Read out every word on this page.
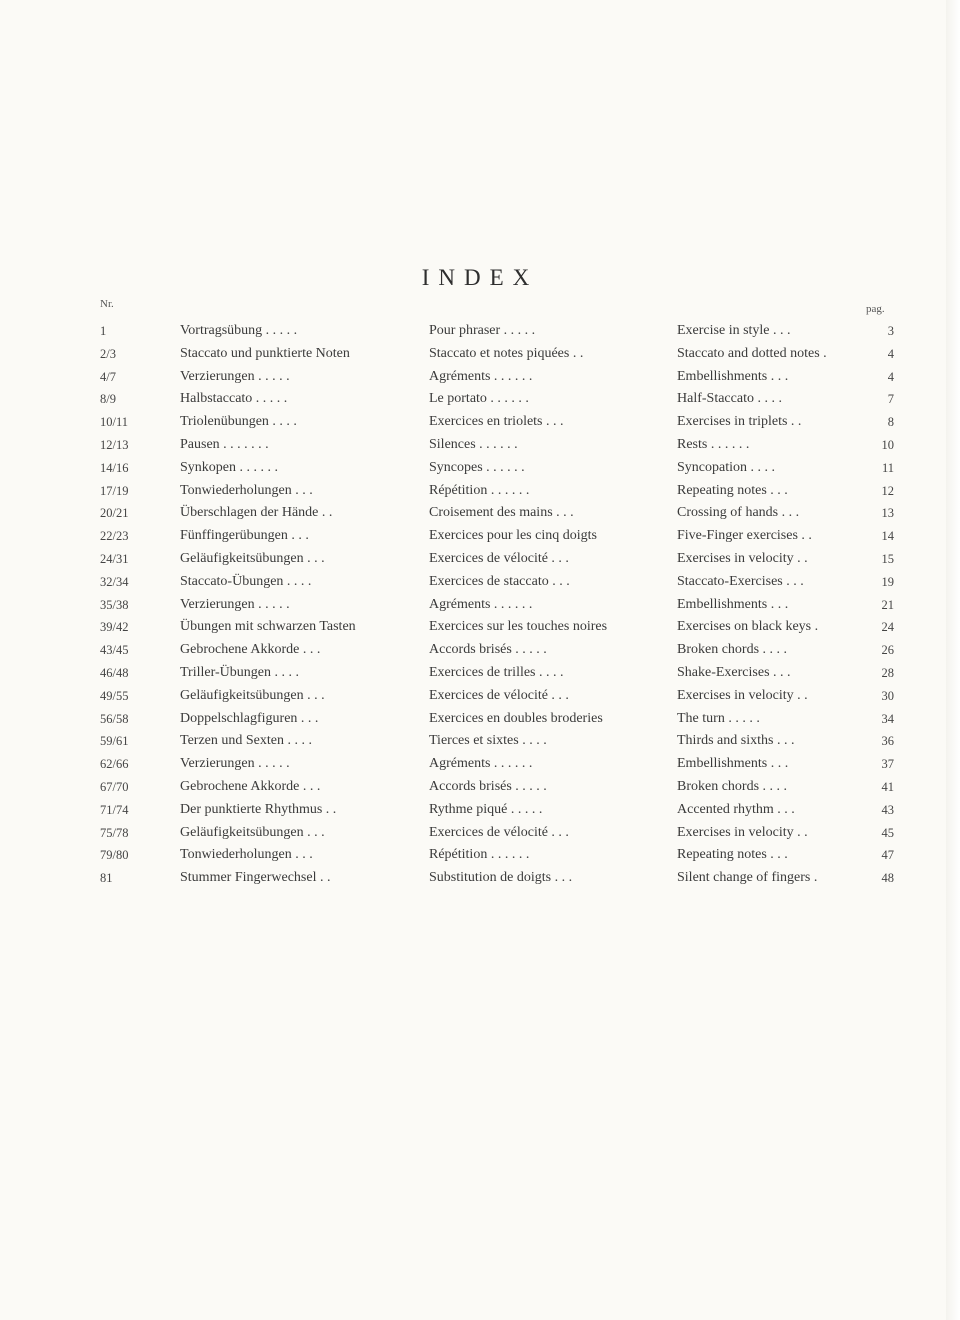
INDEX
Nr.	pag.
1	Vortragsübung . . . . .	Pour phraser . . . . .	Exercise in style . . .	3
2/3	Staccato und punktierte Noten	Staccato et notes piquées . .	Staccato and dotted notes .	4
4/7	Verzierungen . . . . .	Agréments . . . . . .	Embellishments . . .	4
8/9	Halbstaccato . . . . .	Le portato . . . . . .	Half-Staccato . . . .	7
10/11	Triolenübungen . . . .	Exercices en triolets . . .	Exercises in triplets . .	8
12/13	Pausen . . . . . . .	Silences . . . . . .	Rests . . . . . .	10
14/16	Synkopen . . . . . .	Syncopes . . . . . .	Syncopation . . . .	11
17/19	Tonwiederholungen . . .	Répétition . . . . . .	Repeating notes . . .	12
20/21	Überschlagen der Hände . .	Croisement des mains . . .	Crossing of hands . . .	13
22/23	Fünffingerübungen . . .	Exercices pour les cinq doigts	Five-Finger exercises . .	14
24/31	Geläufigkeitsübungen . . .	Exercices de vélocité . . .	Exercises in velocity . .	15
32/34	Staccato-Übungen . . . .	Exercices de staccato . . .	Staccato-Exercises . . .	19
35/38	Verzierungen . . . . .	Agréments . . . . . .	Embellishments . . .	21
39/42	Übungen mit schwarzen Tasten	Exercices sur les touches noires	Exercises on black keys .	24
43/45	Gebrochene Akkorde . . .	Accords brisés . . . . .	Broken chords . . . .	26
46/48	Triller-Übungen . . . .	Exercices de trilles . . . .	Shake-Exercises . . .	28
49/55	Geläufigkeitsübungen . . .	Exercices de vélocité . . .	Exercises in velocity . .	30
56/58	Doppelschlagfiguren . . .	Exercices en doubles broderies	The turn . . . . .	34
59/61	Terzen und Sexten . . . .	Tierces et sixtes . . . .	Thirds and sixths . . .	36
62/66	Verzierungen . . . . .	Agréments . . . . . .	Embellishments . . .	37
67/70	Gebrochene Akkorde . . .	Accords brisés . . . . .	Broken chords . . . .	41
71/74	Der punktierte Rhythmus . .	Rythme piqué . . . . .	Accented rhythm . . .	43
75/78	Geläufigkeitsübungen . . .	Exercices de vélocité . . .	Exercises in velocity . .	45
79/80	Tonwiederholungen . . .	Répétition . . . . . .	Repeating notes . . .	47
81	Stummer Fingerwechsel . .	Substitution de doigts . . .	Silent change of fingers .	48
